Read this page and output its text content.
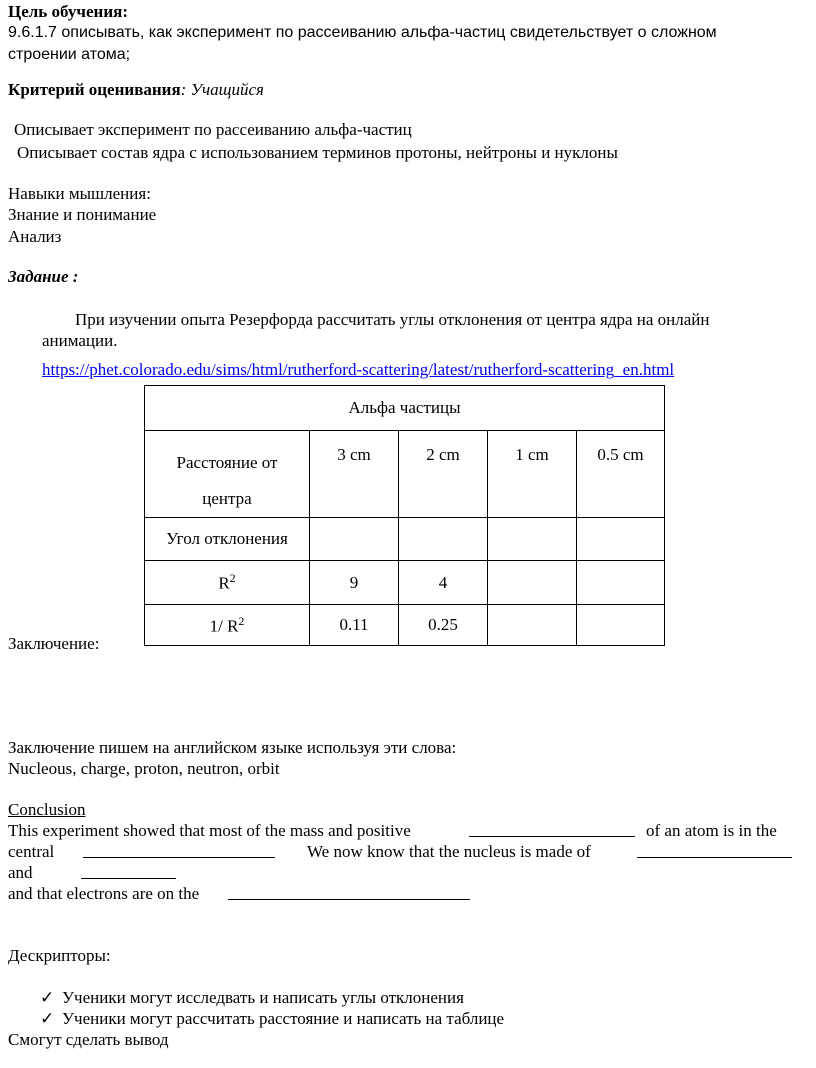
Цель обучения:
9.6.1.7 описывать, как эксперимент по рассеиванию альфа-частиц свидетельствует о сложном
строении атома;
Критерий оценивания: Учащийся
Описывает эксперимент по рассеиванию альфа-частиц
Описывает состав ядра с использованием терминов протоны, нейтроны и нуклоны
Навыки мышления:
Знание и понимание
Анализ
Задание :
При изучении опыта Резерфорда рассчитать углы отклонения от центра ядра на онлайн
анимации.
https://phet.colorado.edu/sims/html/rutherford-scattering/latest/rutherford-scattering_en.html
Альфа частицы				
Расстояние от
центра	3 cm	2 cm	1 cm	0.5 cm
Угол отклонения				
$R^2$	9	4		
1/ $R^2$	0.11	0.25		
Заключение:
Заключение пишем на английском языке используя эти слова:
Nucleous, charge, proton, neutron, orbit
Conclusion
This experiment showed that most of the mass and positive	of an atom is in the
central	We now know that the nucleus is made of
and
and that electrons are on the
Дескрипторы:
✓ Ученики могут исследвать и написать углы отклонения
✓ Ученики могут рассчитать расстояние и написать на таблице
Смогут сделать вывод
